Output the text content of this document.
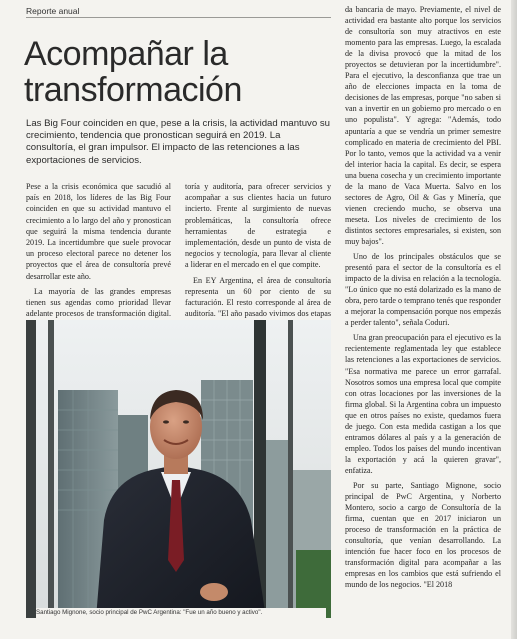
Reporte anual
Acompañar la
transformación
Las Big Four coinciden en que, pese a la crisis, la actividad mantuvo su crecimiento, tendencia que pronostican seguirá en 2019. La consultoría, el gran impulsor. El impacto de las retenciones a las exportaciones de servicios.

Pese a la crisis económica que sacudió al país en 2018, los líderes de las Big Four coinciden en que su actividad mantuvo el crecimiento a lo largo del año y pronostican que seguirá la misma tendencia durante 2019. La incertidumbre que suele provocar un proceso electoral parece no detener los proyectos que el área de consultoría prevé desarrollar este año.

La mayoría de las grandes empresas tienen sus agendas como prioridad llevar adelante procesos de transformación digital.

toría y auditoría, para ofrecer servicios y acompañar a sus clientes hacia un futuro incierto. Frente al surgimiento de nuevas problemáticas, la consultoría ofrece herramientas de estrategia e implementación, desde un punto de vista de negocios y tecnología, para llevar al cliente a liderar en el mercado en el que compite.

En EY Argentina, el área de consultoría representa un 60 por ciento de su facturación. El resto corresponde al área de auditoría. "El año pasado vivimos dos etapas

da bancaria de mayo. Previamente, el nivel de actividad era bastante alto porque los servicios de consultoría son muy atractivos en este momento para las empresas. Luego, la escalada de la divisa provocó que la mitad de los proyectos se detuvieran por la incertidumbre". Para el ejecutivo, la desconfianza que trae un año de elecciones impacta en la toma de decisiones de las empresas, porque "no saben si van a invertir en un gobierno pro mercado o en uno populista". Y agrega: "Además, todo apuntaría a que se vendría un primer semestre complicado en materia de crecimiento del PBI. Por lo tanto, vemos que la actividad va a venir del interior hacia la capital. Es decir, se espera una buena cosecha y un crecimiento importante de la mano de Vaca Muerta. Salvo en los sectores de Agro, Oil & Gas y Minería, que vienen creciendo mucho, se observa una meseta. Los niveles de crecimiento de los distintos sectores empresariales, si existen, son muy bajos".

Uno de los principales obstáculos que se presentó para el sector de la consultoría es el impacto de la divisa en relación a la tecnología. "Lo único que no está dolarizado es la mano de obra, pero tarde o temprano tenés que responder a mejorar la compensación porque nos empezás a perder talento", señala Coduri.

Una gran preocupación para el ejecutivo es la recientemente reglamentada ley que establece las retenciones a las exportaciones de servicios. "Esa normativa me parece un error garrafal. Nosotros somos una empresa local que compite con otras locaciones por las inversiones de la firma global. Si la Argentina cobra un impuesto que en otros países no existe, quedamos fuera de juego. Con esta medida castigan a los que entramos dólares al país y a la generación de empleo. Todos los países del mundo incentivan la exportación y acá la quieren gravar", enfatiza.

Por su parte, Santiago Mignone, socio principal de PwC Argentina, y Norberto Montero, socio a cargo de Consultoría de la firma, cuentan que en 2017 iniciaron un proceso de transformación en la práctica de consultoría, que venían desarrollando. La intención fue hacer foco en los procesos de transformación digital para acompañar a las empresas en los cambios que está sufriendo el mundo de los negocios. "El 2018

Santiago Mignone, socio principal de PwC Argentina: "Fue un año bueno y activo".
